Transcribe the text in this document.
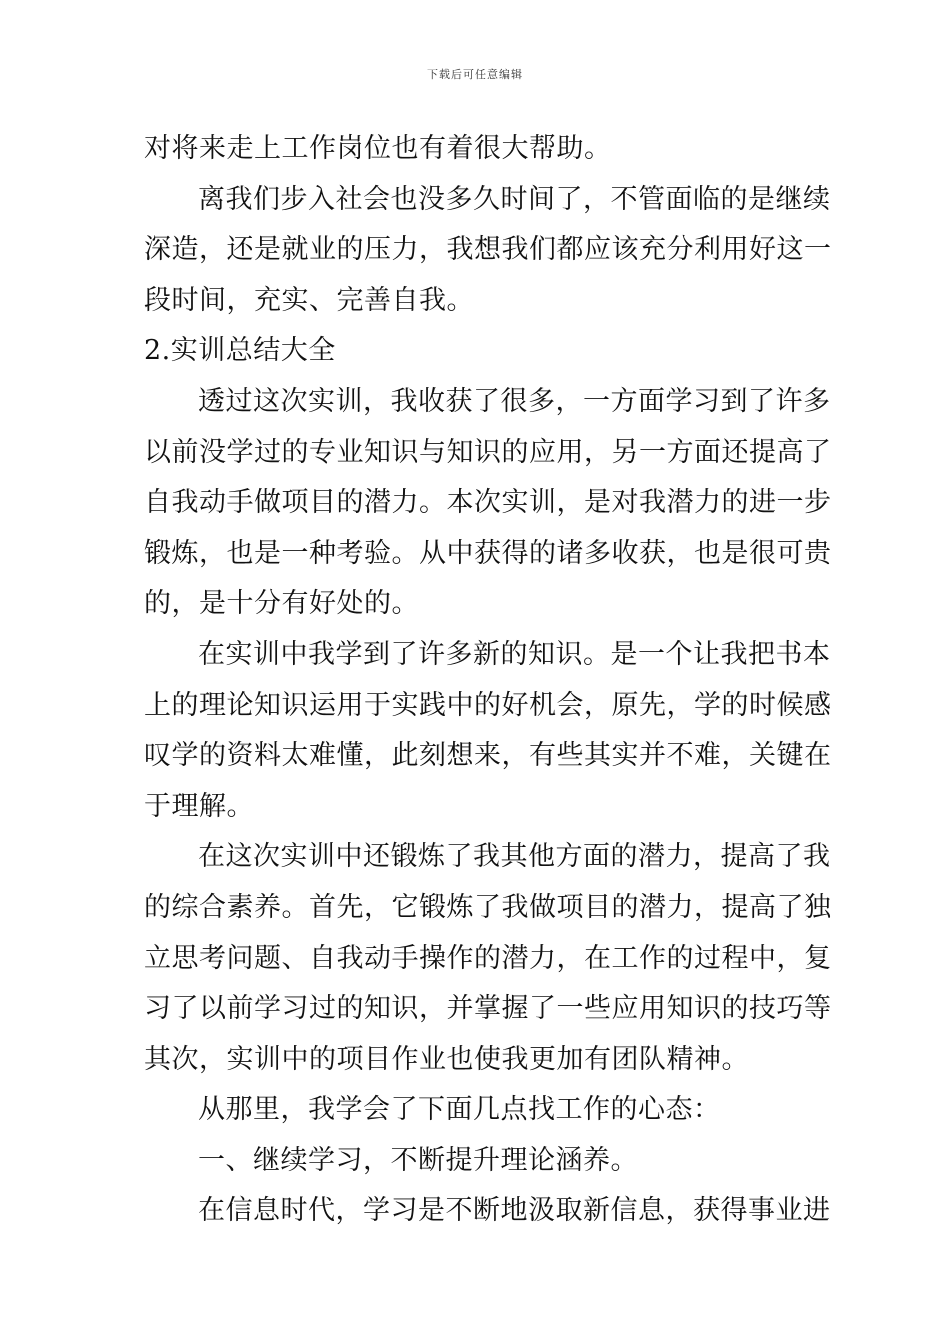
下载后可任意编辑
对将来走上工作岗位也有着很大帮助。
离我们步入社会也没多久时间了，不管面临的是继续
深造，还是就业的压力，我想我们都应该充分利用好这一
段时间，充实、完善自我。
2.实训总结大全
透过这次实训，我收获了很多，一方面学习到了许多
以前没学过的专业知识与知识的应用，另一方面还提高了
自我动手做项目的潜力。本次实训，是对我潜力的进一步
锻炼，也是一种考验。从中获得的诸多收获，也是很可贵
的，是十分有好处的。
在实训中我学到了许多新的知识。是一个让我把书本
上的理论知识运用于实践中的好机会，原先，学的时候感
叹学的资料太难懂，此刻想来，有些其实并不难，关键在
于理解。
在这次实训中还锻炼了我其他方面的潜力，提高了我
的综合素养。首先，它锻炼了我做项目的潜力，提高了独
立思考问题、自我动手操作的潜力，在工作的过程中，复
习了以前学习过的知识，并掌握了一些应用知识的技巧等
其次，实训中的项目作业也使我更加有团队精神。
从那里，我学会了下面几点找工作的心态：
一、继续学习，不断提升理论涵养。
在信息时代，学习是不断地汲取新信息，获得事业进
